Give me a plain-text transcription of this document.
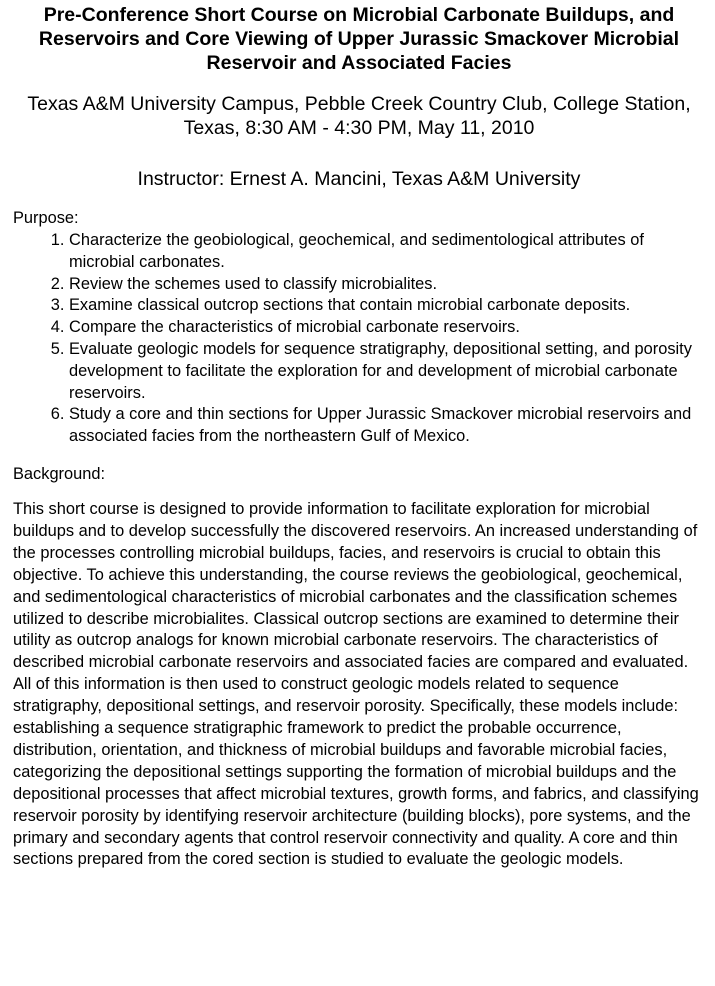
Pre-Conference Short Course on Microbial Carbonate Buildups, and Reservoirs and Core Viewing of Upper Jurassic Smackover Microbial Reservoir and Associated Facies

Texas A&M University Campus, Pebble Creek Country Club, College Station, Texas, 8:30 AM - 4:30 PM, May 11, 2010

Instructor: Ernest A. Mancini, Texas A&M University

Purpose:
1. Characterize the geobiological, geochemical, and sedimentological attributes of microbial carbonates.
2. Review the schemes used to classify microbialites.
3. Examine classical outcrop sections that contain microbial carbonate deposits.
4. Compare the characteristics of microbial carbonate reservoirs.
5. Evaluate geologic models for sequence stratigraphy, depositional setting, and porosity development to facilitate the exploration for and development of microbial carbonate reservoirs.
6. Study a core and thin sections for Upper Jurassic Smackover microbial reservoirs and associated facies from the northeastern Gulf of Mexico.
Background:

This short course is designed to provide information to facilitate exploration for microbial buildups and to develop successfully the discovered reservoirs. An increased understanding of the processes controlling microbial buildups, facies, and reservoirs is crucial to obtain this objective. To achieve this understanding, the course reviews the geobiological, geochemical, and sedimentological characteristics of microbial carbonates and the classification schemes utilized to describe microbialites. Classical outcrop sections are examined to determine their utility as outcrop analogs for known microbial carbonate reservoirs. The characteristics of described microbial carbonate reservoirs and associated facies are compared and evaluated. All of this information is then used to construct geologic models related to sequence stratigraphy, depositional settings, and reservoir porosity. Specifically, these models include: establishing a sequence stratigraphic framework to predict the probable occurrence, distribution, orientation, and thickness of microbial buildups and favorable microbial facies, categorizing the depositional settings supporting the formation of microbial buildups and the depositional processes that affect microbial textures, growth forms, and fabrics, and classifying reservoir porosity by identifying reservoir architecture (building blocks), pore systems, and the primary and secondary agents that control reservoir connectivity and quality. A core and thin sections prepared from the cored section is studied to evaluate the geologic models.
